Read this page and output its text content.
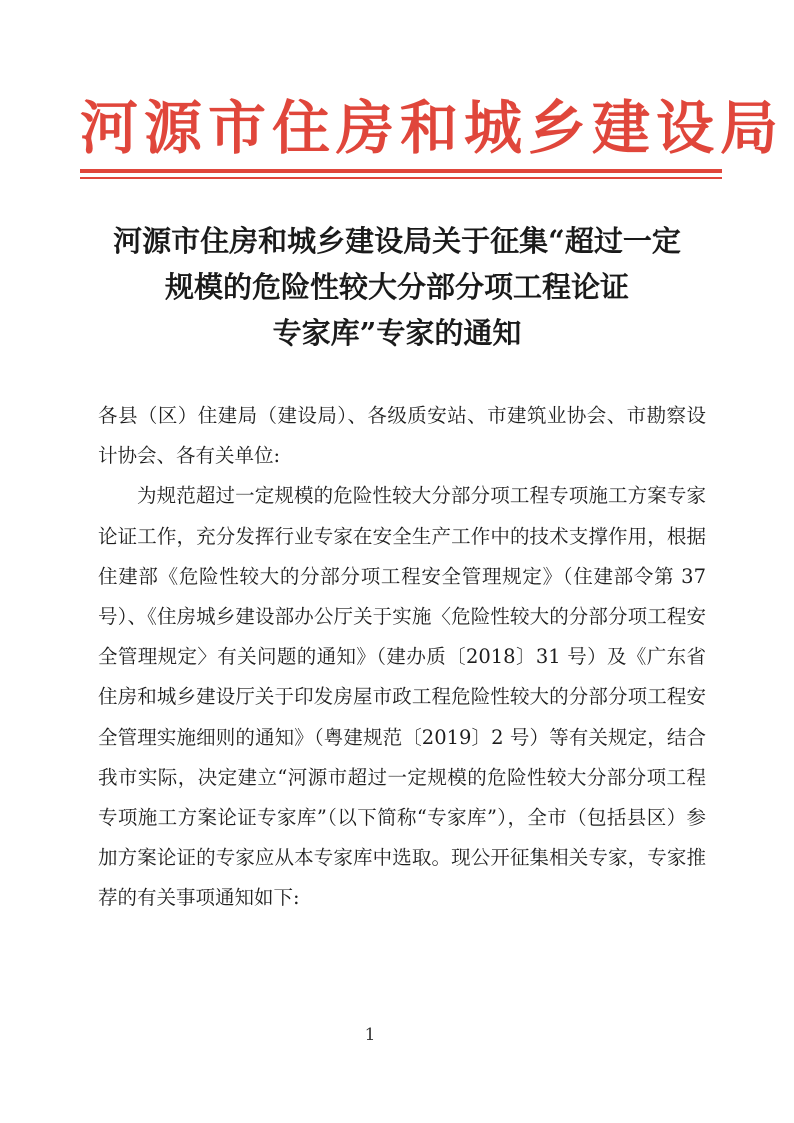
河源市住房和城乡建设局
河源市住房和城乡建设局关于征集“超过一定
规模的危险性较大分部分项工程论证
专家库”专家的通知

各县（区）住建局（建设局）、各级质安站、市建筑业协会、市勘察设计协会、各有关单位:

为规范超过一定规模的危险性较大分部分项工程专项施工方案专家论证工作，充分发挥行业专家在安全生产工作中的技术支撑作用，根据住建部《危险性较大的分部分项工程安全管理规定》（住建部令第 37 号）、《住房城乡建设部办公厅关于实施〈危险性较大的分部分项工程安全管理规定〉有关问题的通知》（建办质〔2018〕31 号）及《广东省住房和城乡建设厅关于印发房屋市政工程危险性较大的分部分项工程安全管理实施细则的通知》（粤建规范〔2019〕2 号）等有关规定，结合我市实际，决定建立“河源市超过一定规模的危险性较大分部分项工程专项施工方案论证专家库”（以下简称“专家库”），全市（包括县区）参加方案论证的专家应从本专家库中选取。现公开征集相关专家，专家推荐的有关事项通知如下:

1
